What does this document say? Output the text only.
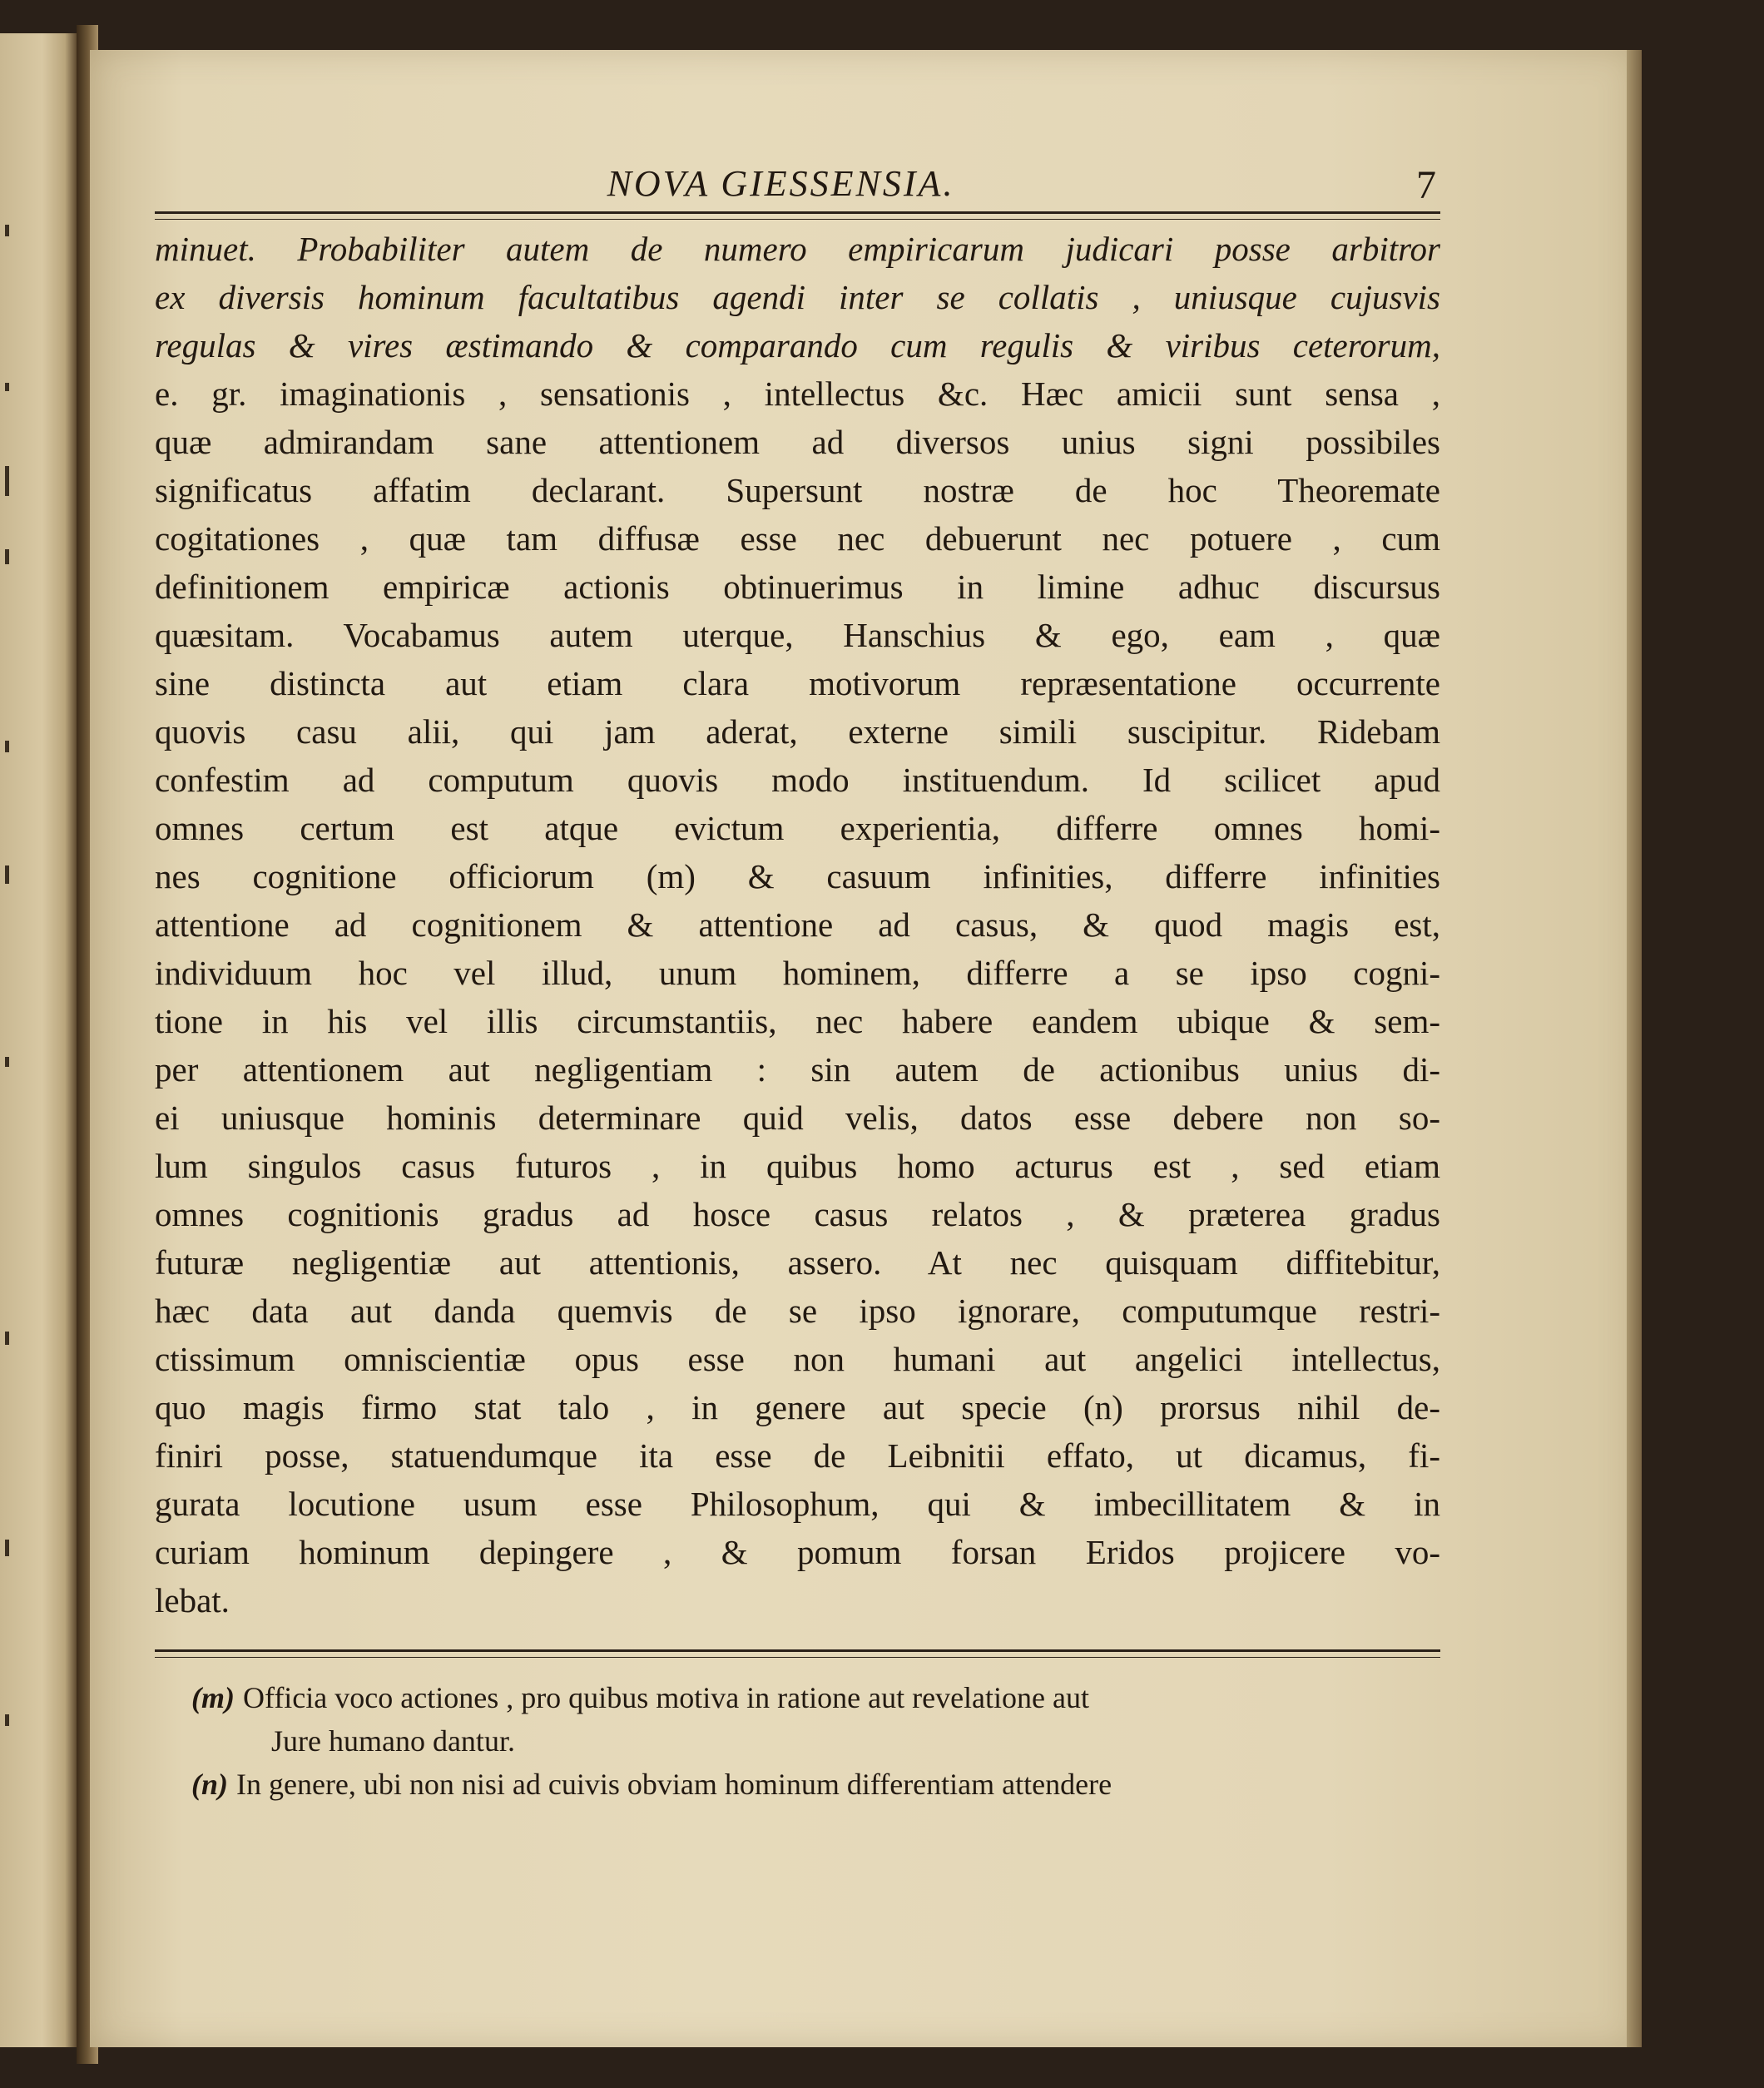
NOVA GIESSENSIA.	7
minuet. Probabiliter autem de numero empiricarum judicari posse arbitror
ex diversis hominum facultatibus agendi inter se collatis , uniusque cujusvis
regulas & vires æstimando & comparando cum regulis & viribus ceterorum,
e. gr. imaginationis , sensationis , intellectus &c. Hæc amicii sunt sensa ,
quæ admirandam sane attentionem ad diversos unius signi possibiles
significatus affatim declarant. Supersunt nostræ de hoc Theoremate
cogitationes , quæ tam diffusæ esse nec debuerunt nec potuere , cum
definitionem empiricæ actionis obtinuerimus in limine adhuc discursus
quæsitam. Vocabamus autem uterque, Hanschius & ego, eam , quæ
sine distincta aut etiam clara motivorum repræsentatione occurrente
quovis casu alii, qui jam aderat, externe simili suscipitur. Ridebam
confestim ad computum quovis modo instituendum. Id scilicet apud
omnes certum est atque evictum experientia, differre omnes homi-
nes cognitione officiorum (m) & casuum infinities, differre infinities
attentione ad cognitionem & attentione ad casus, & quod magis est,
individuum hoc vel illud, unum hominem, differre a se ipso cogni-
tione in his vel illis circumstantiis, nec habere eandem ubique & sem-
per attentionem aut negligentiam : sin autem de actionibus unius di-
ei uniusque hominis determinare quid velis, datos esse debere non so-
lum singulos casus futuros , in quibus homo acturus est , sed etiam
omnes cognitionis gradus ad hosce casus relatos , & præterea gradus
futuræ negligentiæ aut attentionis, assero. At nec quisquam diffitebitur,
hæc data aut danda quemvis de se ipso ignorare, computumque restri-
ctissimum omniscientiæ opus esse non humani aut angelici intellectus,
quo magis firmo stat talo , in genere aut specie (n) prorsus nihil de-
finiri posse, statuendumque ita esse de Leibnitii effato, ut dicamus, fi-
gurata locutione usum esse Philosophum, qui & imbecillitatem & in
curiam hominum depingere , & pomum forsan Eridos projicere vo-
lebat.
(m) Officia voco actiones , pro quibus motiva in ratione aut revelatione aut
Jure humano dantur.
(n) In genere, ubi non nisi ad cuivis obviam hominum differentiam attendere
